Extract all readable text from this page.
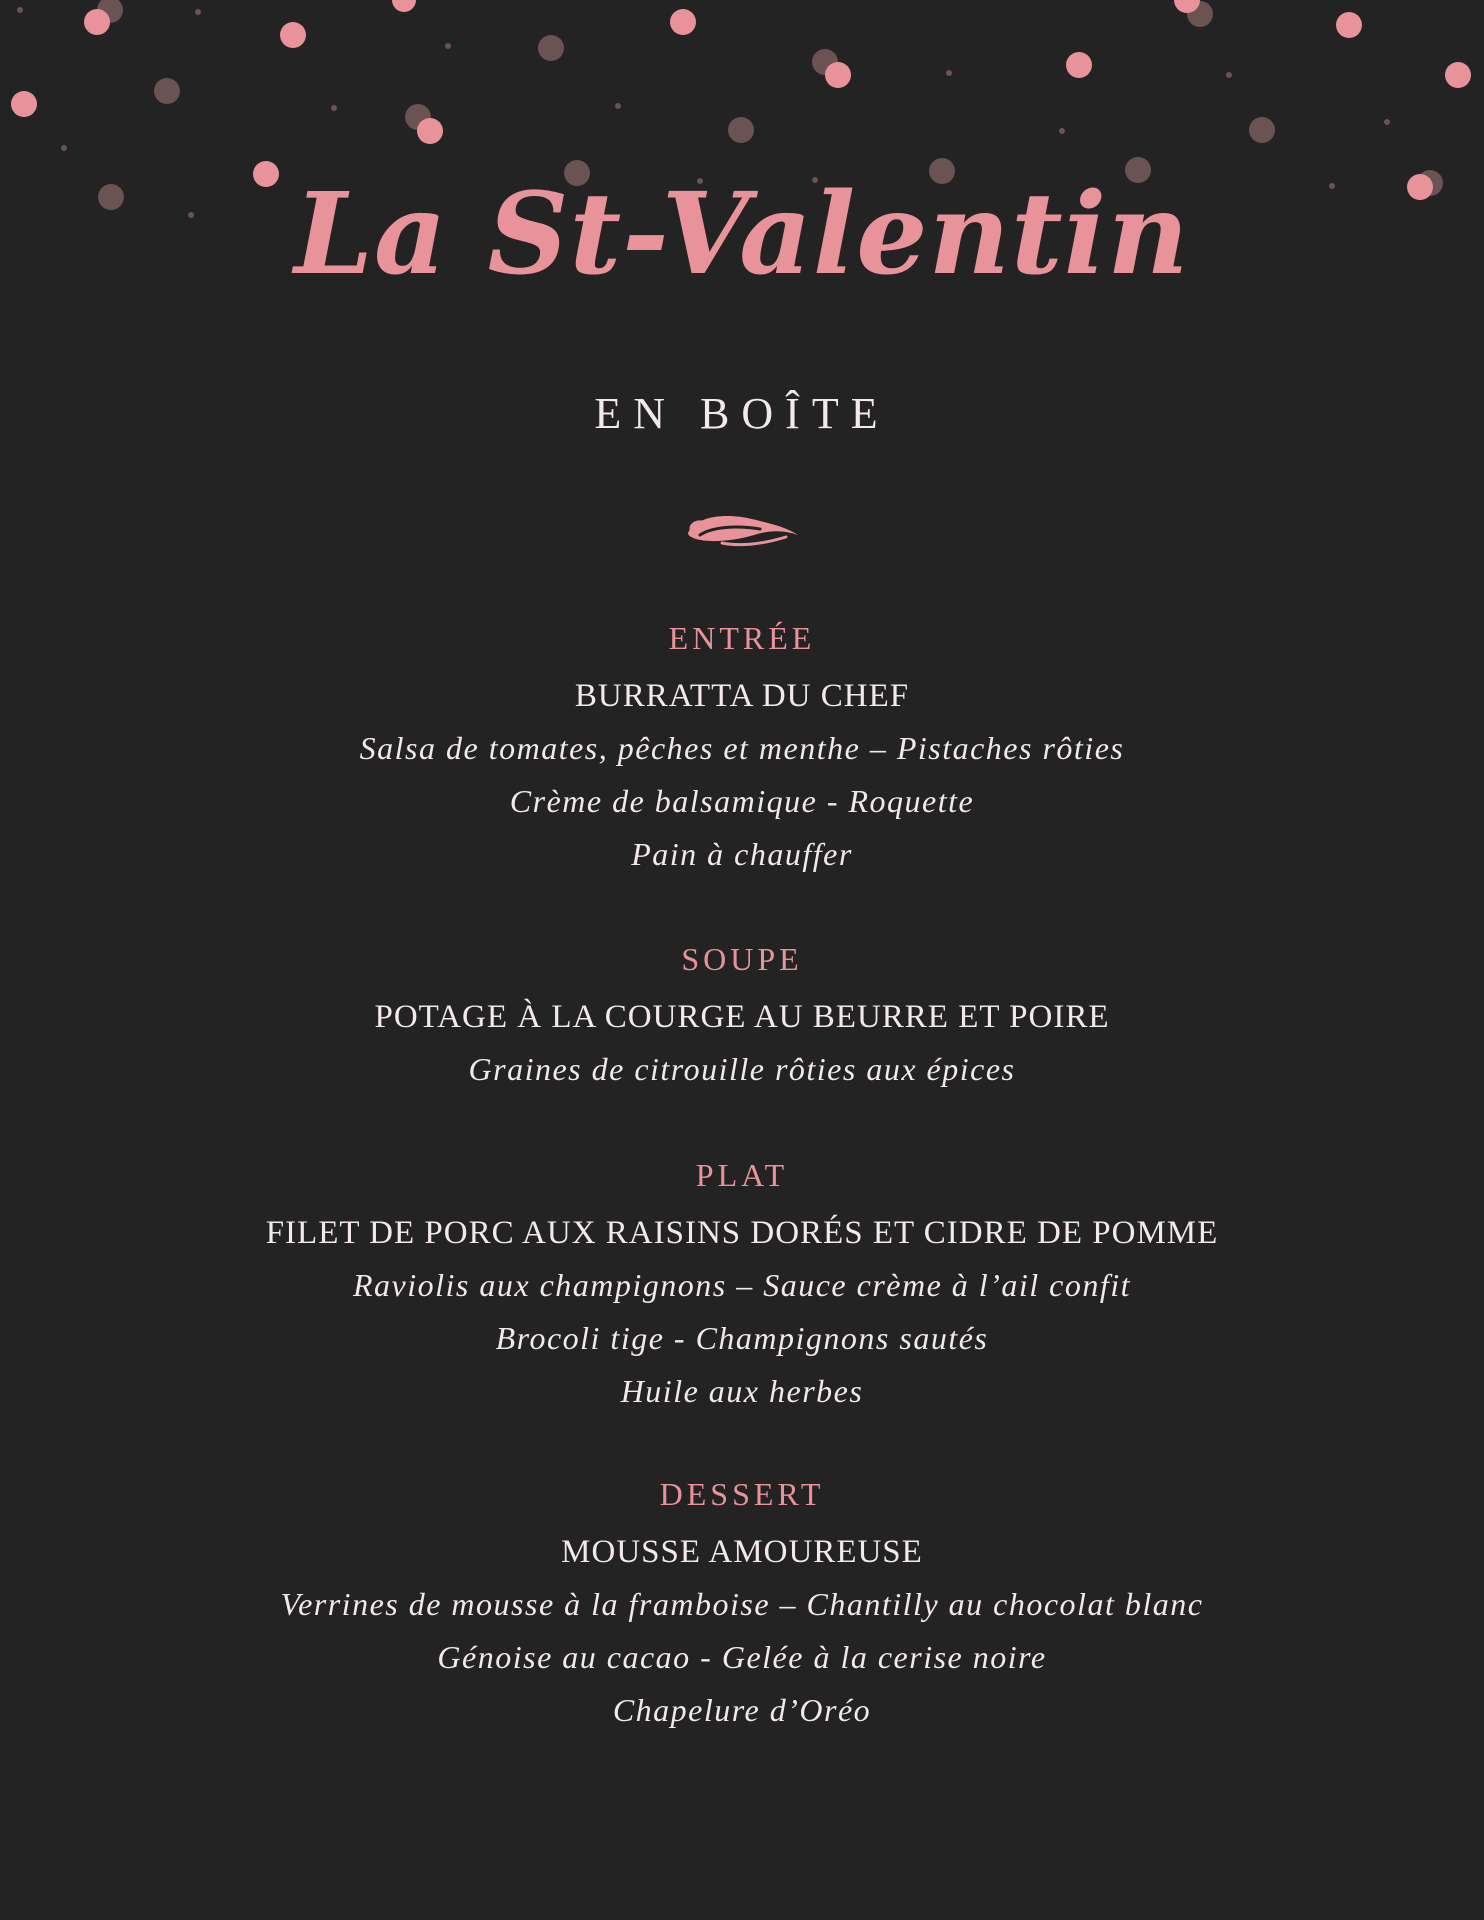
La St-Valentin
EN BOÎTE
ENTRÉE
BURRATTA DU CHEF
Salsa de tomates, pêches et menthe – Pistaches rôties
Crème de balsamique - Roquette
Pain à chauffer
SOUPE
POTAGE À LA COURGE AU BEURRE ET POIRE
Graines de citrouille rôties aux épices
PLAT
FILET DE PORC AUX RAISINS DORÉS ET CIDRE DE POMME
Raviolis aux champignons – Sauce crème à l’ail confit
Brocoli tige - Champignons sautés
Huile aux herbes
DESSERT
MOUSSE AMOUREUSE
Verrines de mousse à la framboise – Chantilly au chocolat blanc
Génoise au cacao - Gelée à la cerise noire
Chapelure d’Oréo
